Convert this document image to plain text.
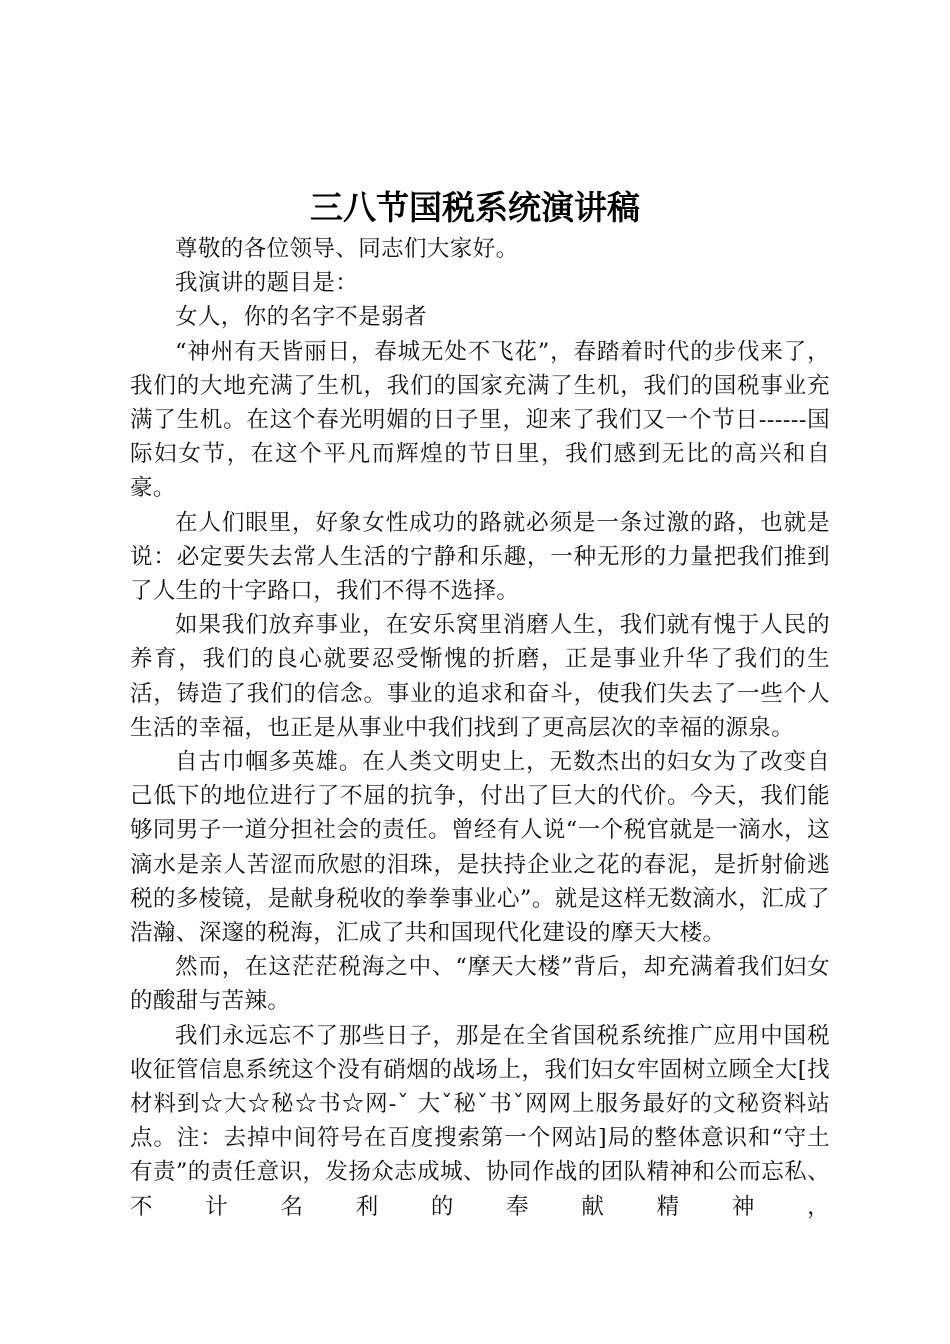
三八节国税系统演讲稿

尊敬的各位领导、同志们大家好。

我演讲的题目是：

女人，你的名字不是弱者

“神州有天皆丽日，春城无处不飞花”，春踏着时代的步伐来了，我们的大地充满了生机，我们的国家充满了生机，我们的国税事业充满了生机。在这个春光明媚的日子里，迎来了我们又一个节日------国际妇女节，在这个平凡而辉煌的节日里，我们感到无比的高兴和自豪。

在人们眼里，好象女性成功的路就必须是一条过激的路，也就是说：必定要失去常人生活的宁静和乐趣，一种无形的力量把我们推到了人生的十字路口，我们不得不选择。

如果我们放弃事业，在安乐窝里消磨人生，我们就有愧于人民的养育，我们的良心就要忍受惭愧的折磨，正是事业升华了我们的生活，铸造了我们的信念。事业的追求和奋斗，使我们失去了一些个人生活的幸福，也正是从事业中我们找到了更高层次的幸福的源泉。

自古巾帼多英雄。在人类文明史上，无数杰出的妇女为了改变自己低下的地位进行了不屈的抗争，付出了巨大的代价。今天，我们能够同男子一道分担社会的责任。曾经有人说“一个税官就是一滴水，这滴水是亲人苦涩而欣慰的泪珠，是扶持企业之花的春泥，是折射偷逃税的多棱镜，是献身税收的拳拳事业心”。就是这样无数滴水，汇成了浩瀚、深邃的税海，汇成了共和国现代化建设的摩天大楼。

然而，在这茫茫税海之中、“摩天大楼”背后，却充满着我们妇女的酸甜与苦辣。

我们永远忘不了那些日子，那是在全省国税系统推广应用中国税收征管信息系统这个没有硝烟的战场上，我们妇女牢固树立顾全大[找材料到☆大☆秘☆书☆网-ˇ 大ˇ秘ˇ书ˇ网网上服务最好的文秘资料站点。注：去掉中间符号在百度搜索第一个网站]局的整体意识和“守土有责”的责任意识，发扬众志成城、协同作战的团队精神和公而忘私、不计名利的奉献精神，
